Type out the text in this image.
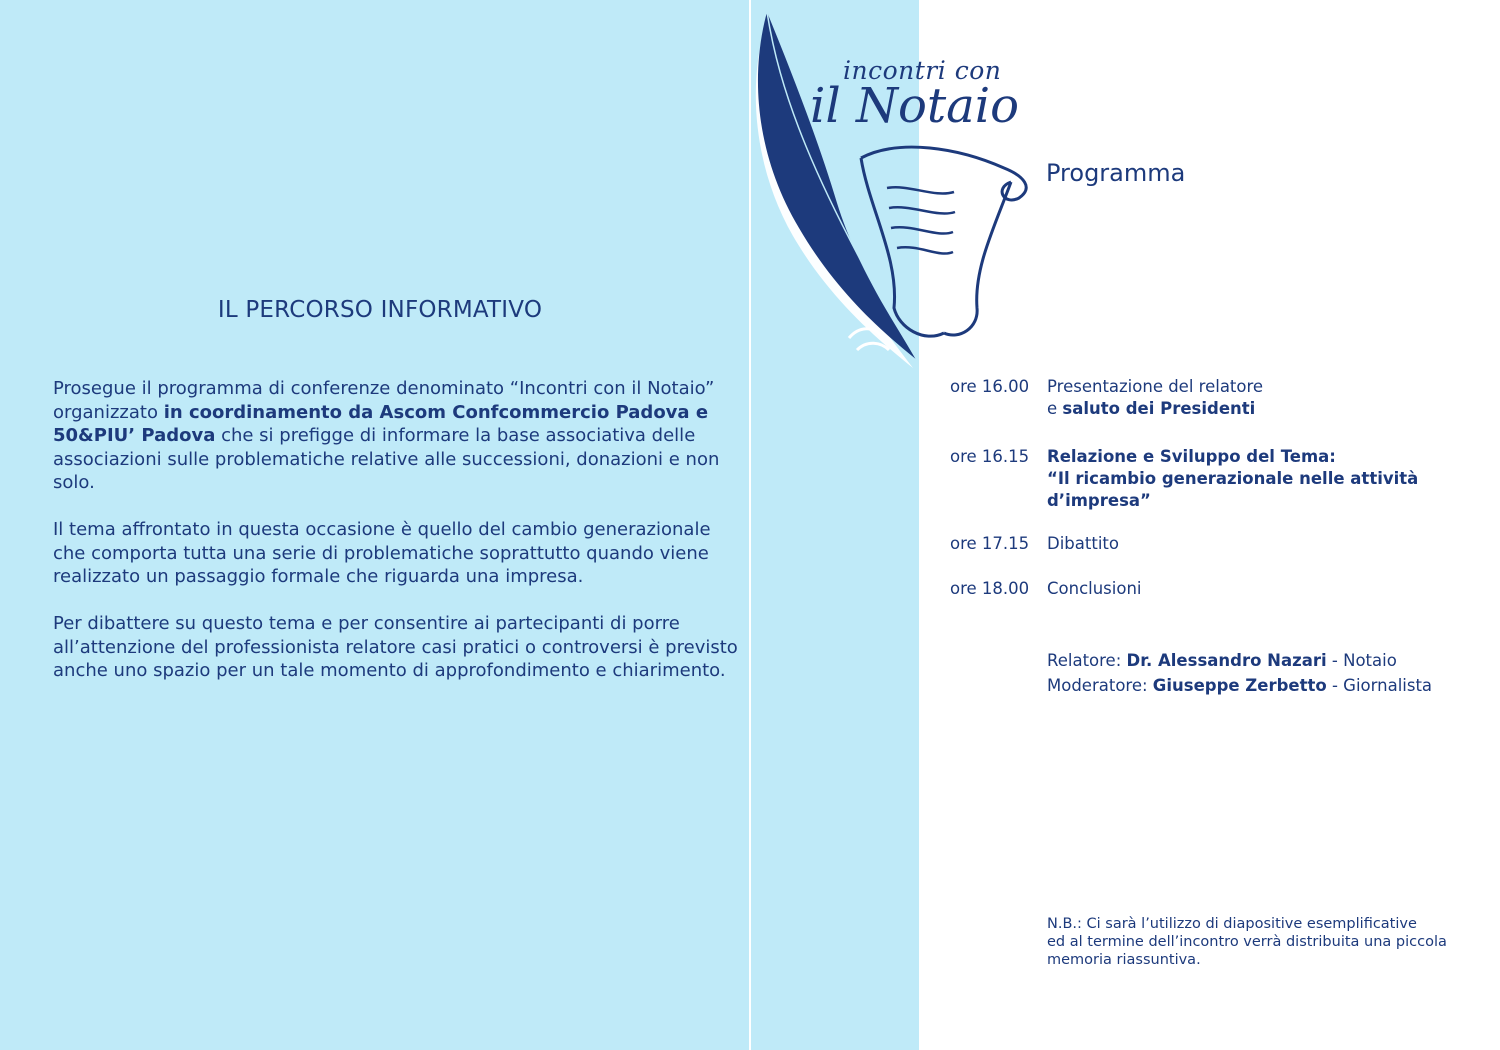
IL PERCORSO INFORMATIVO

Prosegue il programma di conferenze denominato “Incontri con il Notaio” organizzato in coordinamento da Ascom Confcommercio Padova e 50&PIU’ Padova che si prefigge di informare la base associativa delle associazioni sulle problematiche relative alle successioni, donazioni e non solo.

Il tema affrontato in questa occasione è quello del cambio generazionale che comporta tutta una serie di problematiche soprattutto quando viene realizzato un passaggio formale che riguarda una impresa.

Per dibattere su questo tema e per consentire ai partecipanti di porre all’attenzione del professionista relatore casi pratici o controversi è previsto anche uno spazio per un tale momento di approfondimento e chiarimento.

incontri con

il Notaio

Programma
ore 16.00	Presentazione del relatore
e saluto dei Presidenti
ore 16.15	Relazione e Sviluppo del Tema:
“Il ricambio generazionale nelle attività
d’impresa”
ore 17.15	Dibattito
ore 18.00	Conclusioni
Relatore: Dr. Alessandro Nazari - Notaio
Moderatore: Giuseppe Zerbetto - Giornalista
N.B.: Ci sarà l’utilizzo di diapositive esemplificative
ed al termine dell’incontro verrà distribuita una piccola
memoria riassuntiva.
